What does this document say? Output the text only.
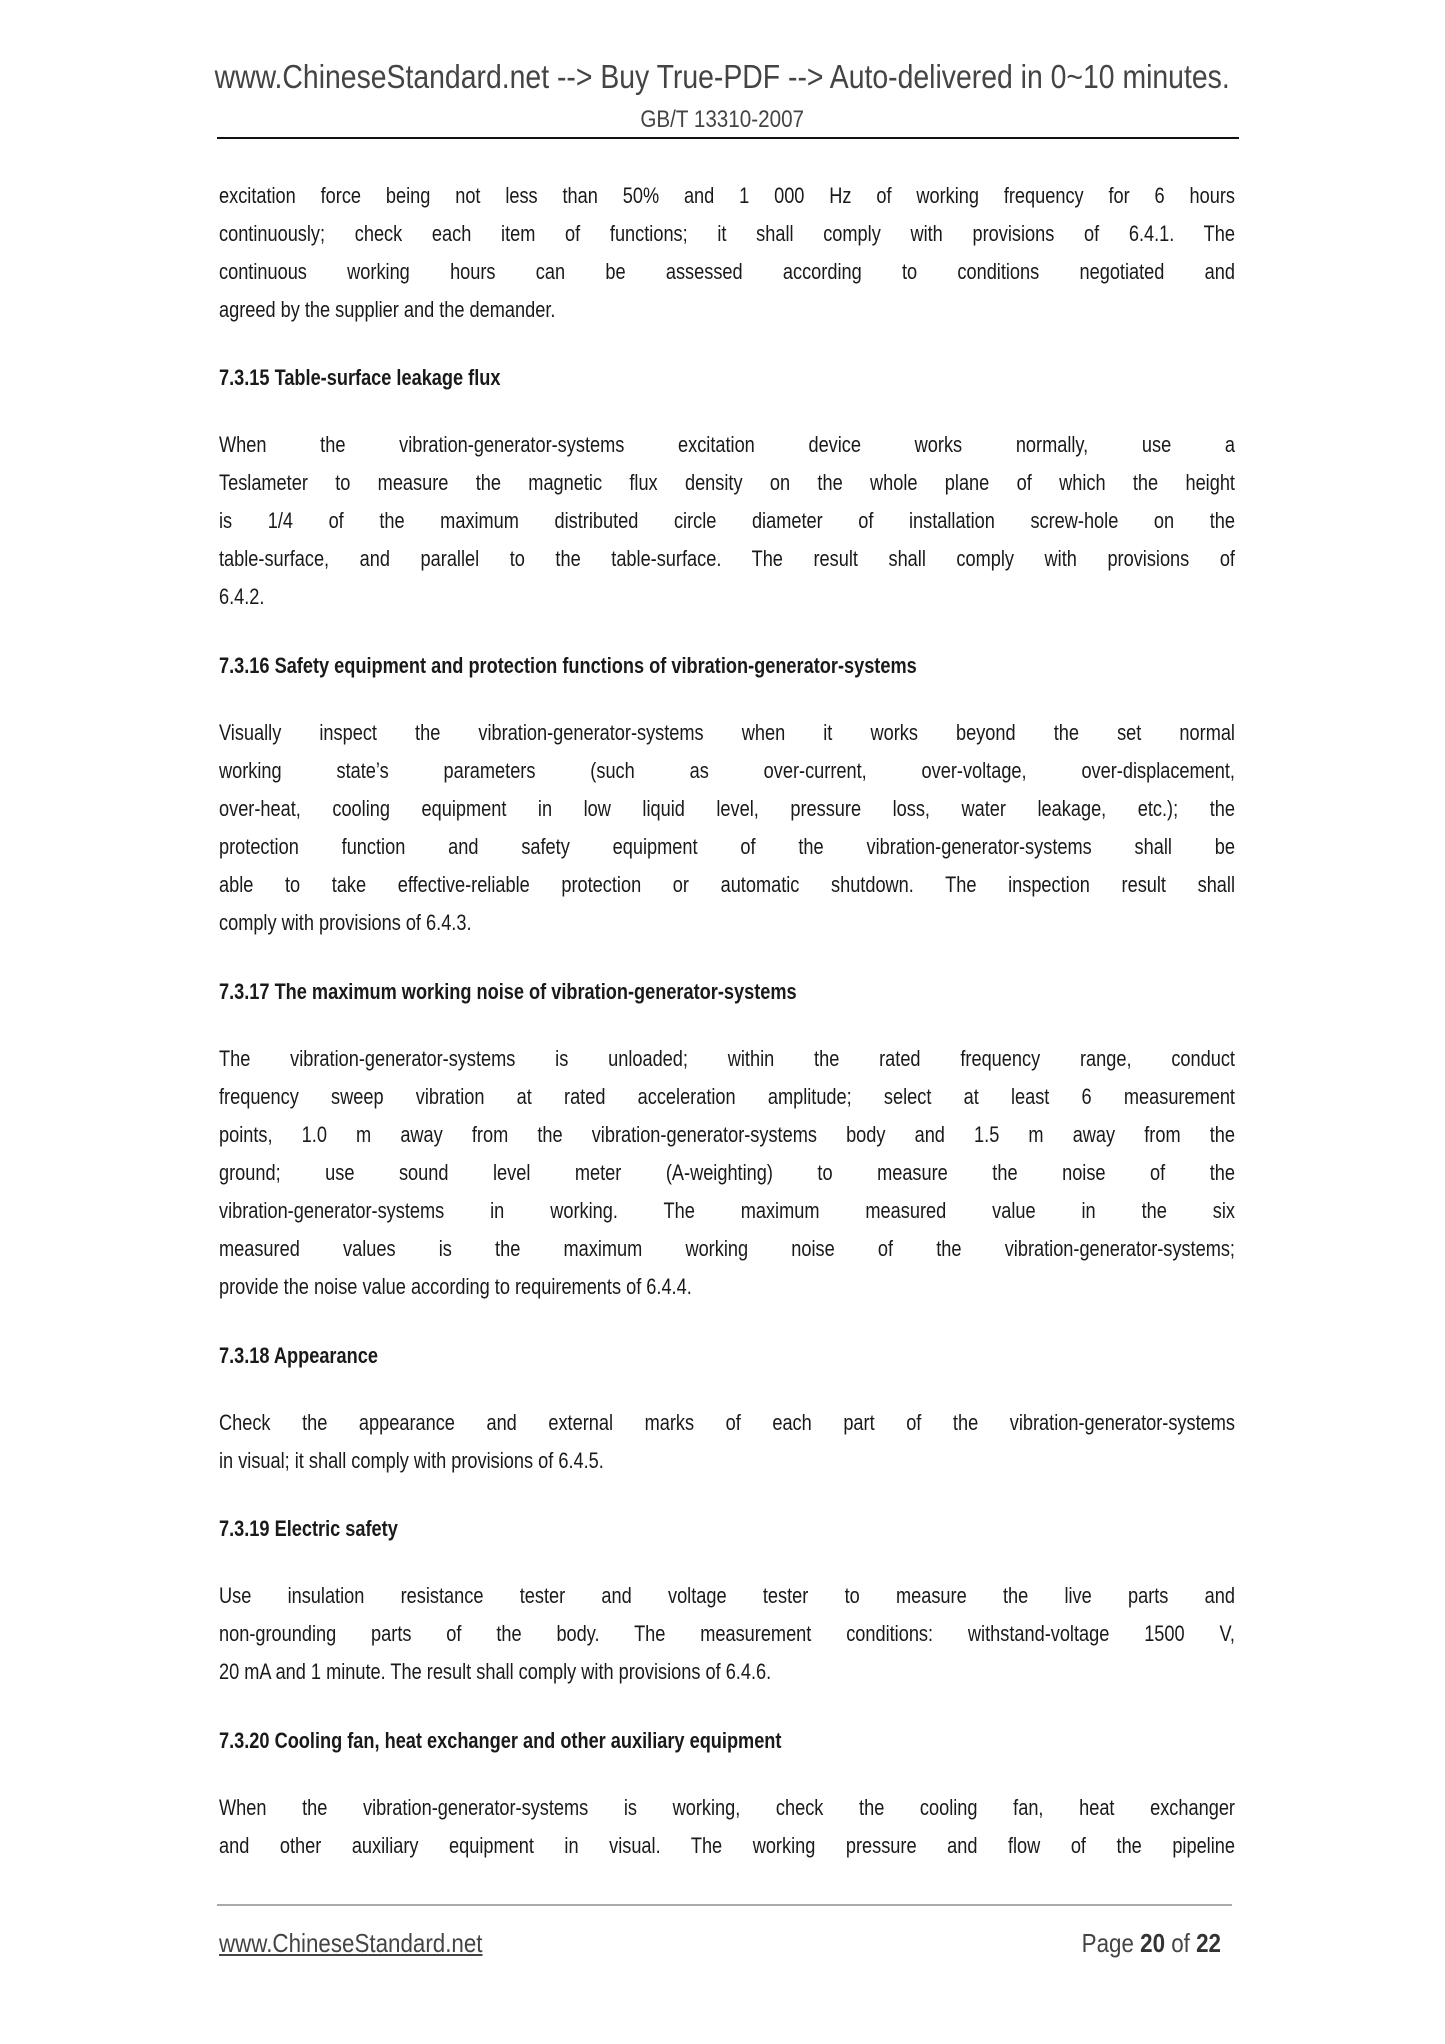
www.ChineseStandard.net --> Buy True-PDF --> Auto-delivered in 0~10 minutes.
GB/T 13310-2007
excitation force being not less than 50% and 1 000 Hz of working frequency for 6 hours
continuously; check each item of functions; it shall comply with provisions of 6.4.1. The
continuous working hours can be assessed according to conditions negotiated and
agreed by the supplier and the demander.
7.3.15 Table-surface leakage flux
When the vibration-generator-systems excitation device works normally, use a
Teslameter to measure the magnetic flux density on the whole plane of which the height
is 1/4 of the maximum distributed circle diameter of installation screw-hole on the
table-surface, and parallel to the table-surface. The result shall comply with provisions of
6.4.2.
7.3.16 Safety equipment and protection functions of vibration-generator-systems
Visually inspect the vibration-generator-systems when it works beyond the set normal
working state’s parameters (such as over-current, over-voltage, over-displacement,
over-heat, cooling equipment in low liquid level, pressure loss, water leakage, etc.); the
protection function and safety equipment of the vibration-generator-systems shall be
able to take effective-reliable protection or automatic shutdown. The inspection result shall
comply with provisions of 6.4.3.
7.3.17 The maximum working noise of vibration-generator-systems
The vibration-generator-systems is unloaded; within the rated frequency range, conduct
frequency sweep vibration at rated acceleration amplitude; select at least 6 measurement
points, 1.0 m away from the vibration-generator-systems body and 1.5 m away from the
ground; use sound level meter (A-weighting) to measure the noise of the
vibration-generator-systems in working. The maximum measured value in the six
measured values is the maximum working noise of the vibration-generator-systems;
provide the noise value according to requirements of 6.4.4.
7.3.18 Appearance
Check the appearance and external marks of each part of the vibration-generator-systems
in visual; it shall comply with provisions of 6.4.5.
7.3.19 Electric safety
Use insulation resistance tester and voltage tester to measure the live parts and
non-grounding parts of the body. The measurement conditions: withstand-voltage 1500 V,
20 mA and 1 minute. The result shall comply with provisions of 6.4.6.
7.3.20 Cooling fan, heat exchanger and other auxiliary equipment
When the vibration-generator-systems is working, check the cooling fan, heat exchanger
and other auxiliary equipment in visual. The working pressure and flow of the pipeline
www.ChineseStandard.net	Page 20 of 22
